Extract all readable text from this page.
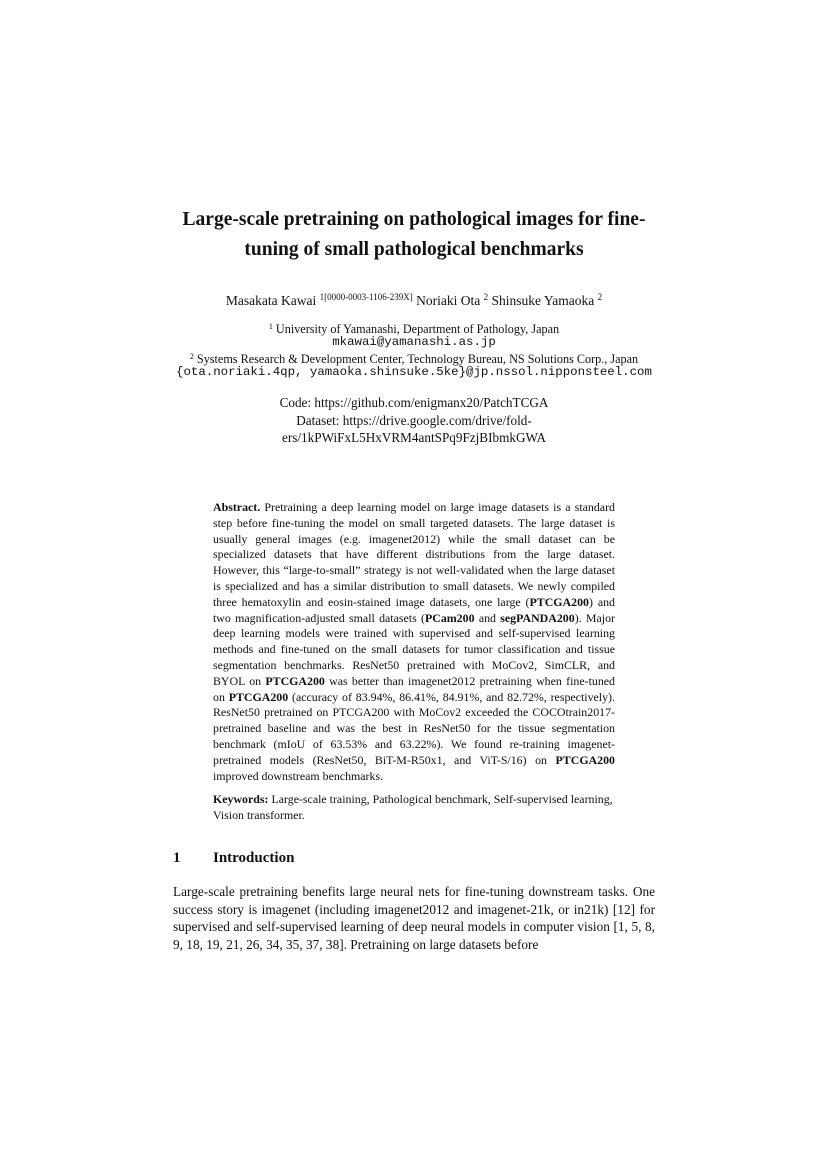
Large-scale pretraining on pathological images for fine-
tuning of small pathological benchmarks
Masakata Kawai $^{1[0000-0003-1106-239X]}$ Noriaki Ota $^2$ Shinsuke Yamaoka $^2$
$^1$ University of Yamanashi, Department of Pathology, Japan
mkawai@yamanashi.as.jp
$^2$ Systems Research & Development Center, Technology Bureau, NS Solutions Corp., Japan
{ota.noriaki.4qp, yamaoka.shinsuke.5ke}@jp.nssol.nipponsteel.com
Code: https://github.com/enigmanx20/PatchTCGA
Dataset: https://drive.google.com/drive/fold-
ers/1kPWiFxL5HxVRM4antSPq9FzjBIbmkGWA

Abstract. Pretraining a deep learning model on large image datasets is a standard step before fine-tuning the model on small targeted datasets. The large dataset is usually general images (e.g. imagenet2012) while the small dataset can be specialized datasets that have different distributions from the large dataset. However, this “large-to-small” strategy is not well-validated when the large dataset is specialized and has a similar distribution to small datasets. We newly compiled three hematoxylin and eosin-stained image datasets, one large (PTCGA200) and two magnification-adjusted small datasets (PCam200 and segPANDA200). Major deep learning models were trained with supervised and self-supervised learning methods and fine-tuned on the small datasets for tumor classification and tissue segmentation benchmarks. ResNet50 pretrained with MoCov2, SimCLR, and BYOL on PTCGA200 was better than imagenet2012 pretraining when fine-tuned on PTCGA200 (accuracy of 83.94%, 86.41%, 84.91%, and 82.72%, respectively). ResNet50 pretrained on PTCGA200 with MoCov2 exceeded the COCOtrain2017-pretrained baseline and was the best in ResNet50 for the tissue segmentation benchmark (mIoU of 63.53% and 63.22%). We found re-training imagenet-pretrained models (ResNet50, BiT-M-R50x1, and ViT-S/16) on PTCGA200 improved downstream benchmarks.

Keywords: Large-scale training, Pathological benchmark, Self-supervised learning, Vision transformer.

1 Introduction

Large-scale pretraining benefits large neural nets for fine-tuning downstream tasks. One success story is imagenet (including imagenet2012 and imagenet-21k, or in21k) [12] for supervised and self-supervised learning of deep neural models in computer vision [1, 5, 8, 9, 18, 19, 21, 26, 34, 35, 37, 38]. Pretraining on large datasets before
